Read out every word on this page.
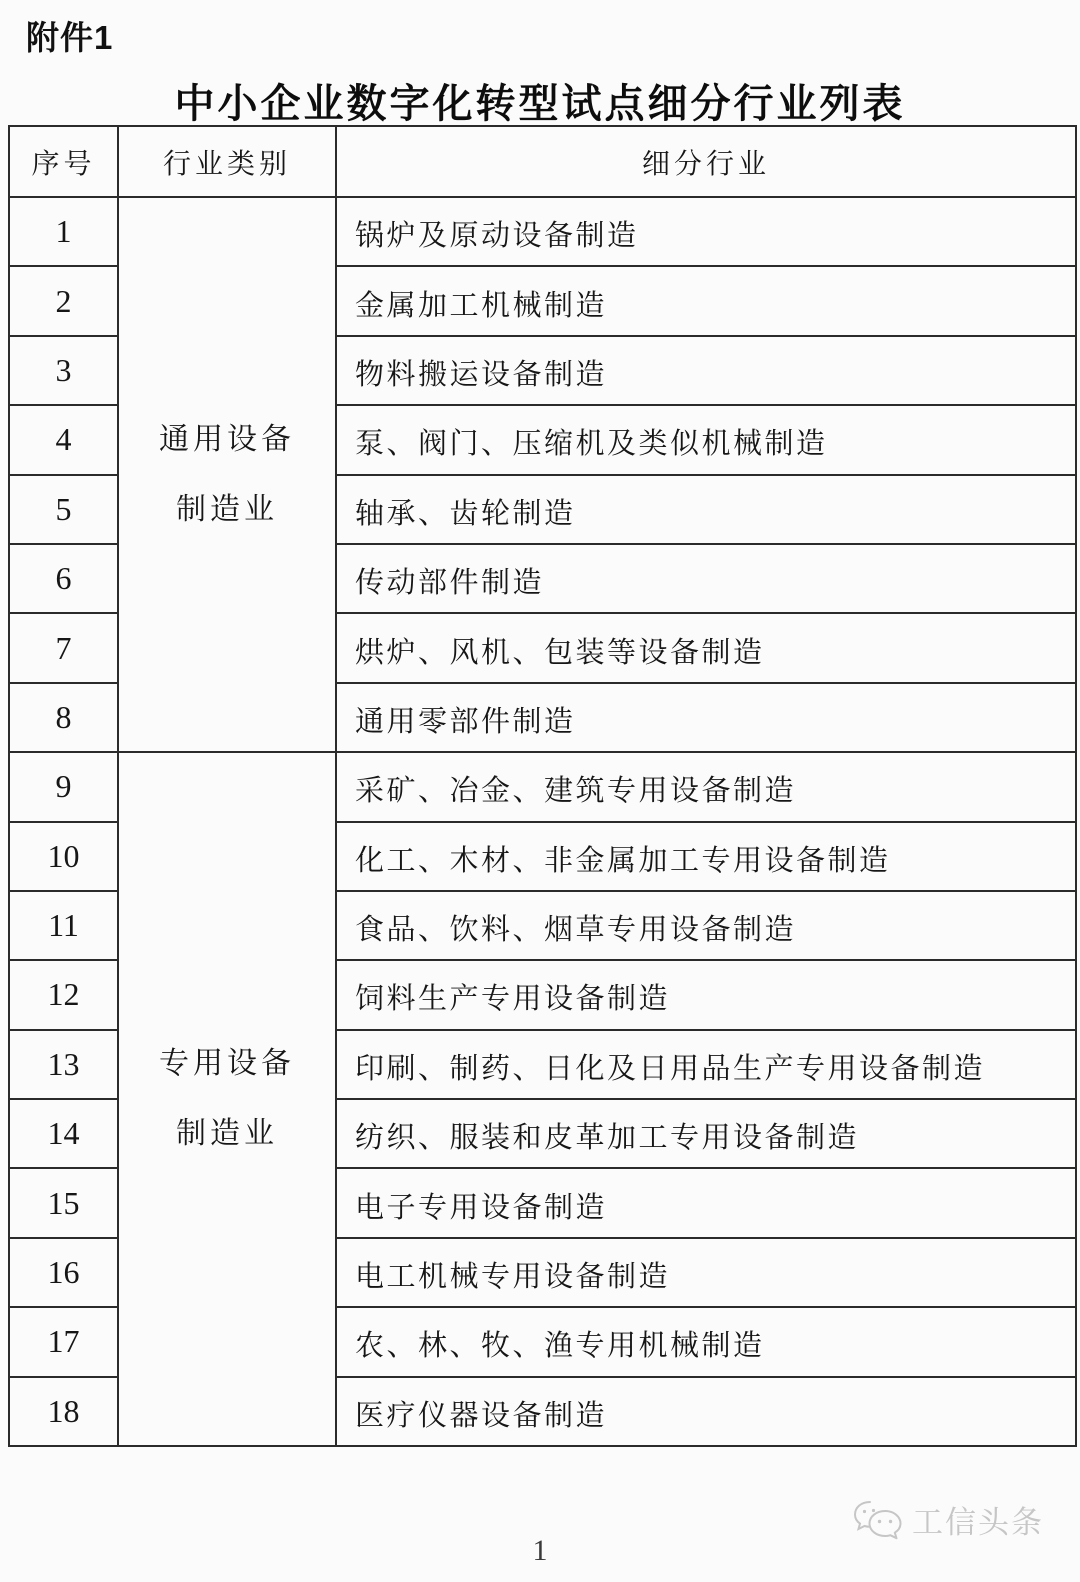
附件1
中小企业数字化转型试点细分行业列表
序号	行业类别	细分行业
1	通用设备制造业	锅炉及原动设备制造
2		金属加工机械制造
3		物料搬运设备制造
4		泵、阀门、压缩机及类似机械制造
5		轴承、齿轮制造
6		传动部件制造
7		烘炉、风机、包装等设备制造
8		通用零部件制造
9	专用设备制造业	采矿、冶金、建筑专用设备制造
10		化工、木材、非金属加工专用设备制造
11		食品、饮料、烟草专用设备制造
12		饲料生产专用设备制造
13		印刷、制药、日化及日用品生产专用设备制造
14		纺织、服装和皮革加工专用设备制造
15		电子专用设备制造
16		电工机械专用设备制造
17		农、林、牧、渔专用机械制造
18		医疗仪器设备制造
工信头条
1
